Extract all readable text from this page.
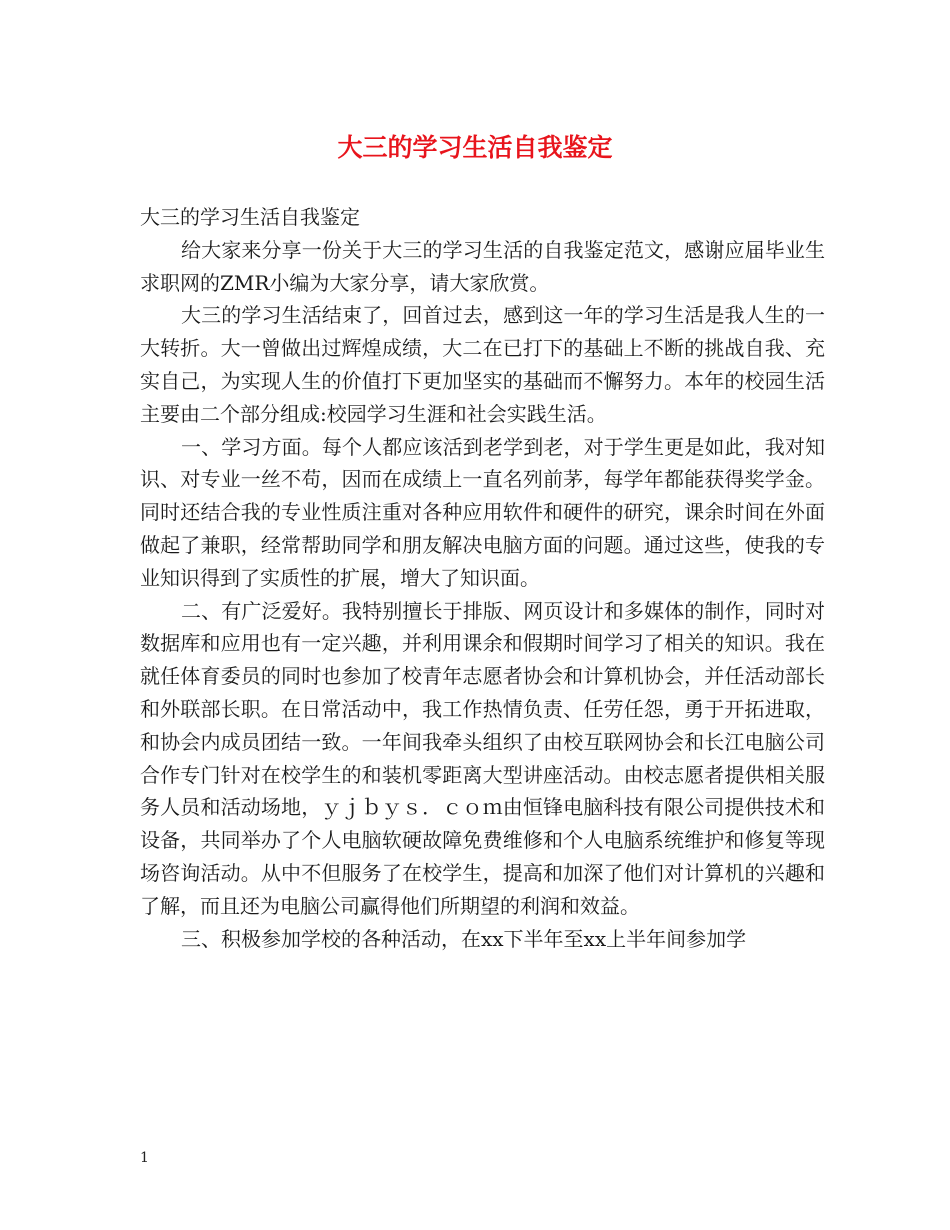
大三的学习生活自我鉴定

大三的学习生活自我鉴定

给大家来分享一份关于大三的学习生活的自我鉴定范文，感谢应届毕业生求职网的ZMR小编为大家分享，请大家欣赏。

大三的学习生活结束了，回首过去，感到这一年的学习生活是我人生的一大转折。大一曾做出过辉煌成绩，大二在已打下的基础上不断的挑战自我、充实自己，为实现人生的价值打下更加坚实的基础而不懈努力。本年的校园生活主要由二个部分组成:校园学习生涯和社会实践生活。

一、学习方面。每个人都应该活到老学到老，对于学生更是如此，我对知识、对专业一丝不苟，因而在成绩上一直名列前茅，每学年都能获得奖学金。同时还结合我的专业性质注重对各种应用软件和硬件的研究，课余时间在外面做起了兼职，经常帮助同学和朋友解决电脑方面的问题。通过这些，使我的专业知识得到了实质性的扩展，增大了知识面。

二、有广泛爱好。我特别擅长于排版、网页设计和多媒体的制作，同时对数据库和应用也有一定兴趣，并利用课余和假期时间学习了相关的知识。我在就任体育委员的同时也参加了校青年志愿者协会和计算机协会，并任活动部长和外联部长职。在日常活动中，我工作热情负责、任劳任怨，勇于开拓进取，和协会内成员团结一致。一年间我牵头组织了由校互联网协会和长江电脑公司合作专门针对在校学生的和装机零距离大型讲座活动。由校志愿者提供相关服务人员和活动场地，ｙｊｂｙｓ．ｃｏｍ由恒锋电脑科技有限公司提供技术和设备，共同举办了个人电脑软硬故障免费维修和个人电脑系统维护和修复等现场咨询活动。从中不但服务了在校学生，提高和加深了他们对计算机的兴趣和了解，而且还为电脑公司赢得他们所期望的利润和效益。

三、积极参加学校的各种活动，在xx下半年至xx上半年间参加学

1
